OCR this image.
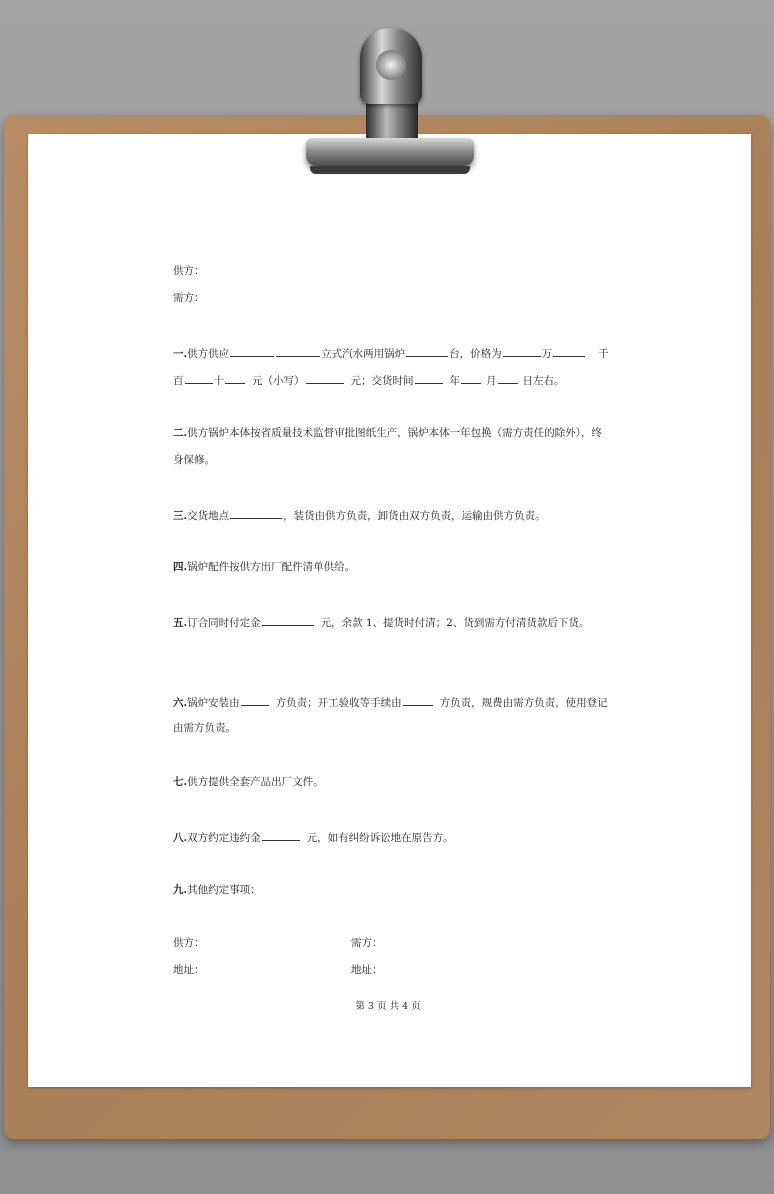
供方：
需方：
一.供方供应	立式汽水两用锅炉	台，价格为	万	千
百	十	元（小写）	元；交货时间	年 月 日左右。
二.供方锅炉本体按省质量技术监督审批图纸生产，锅炉本体一年包换（需方责任的除外），终
身保修。
三.交货地点	，装货由供方负责，卸货由双方负责，运输由供方负责。
四.锅炉配件按供方出厂配件清单供给。
五.订合同时付定金	元，余款 1、提货时付清；2、货到需方付清货款后下货。
六.锅炉安装由	方负责；开工验收等手续由	方负责，规费由需方负责，使用登记
由需方负责。
七.供方提供全套产品出厂文件。
八.双方约定违约金	元，如有纠纷诉讼地在原告方。
九.其他约定事项：
供方：	需方：
地址：	地址：
第 3 页 共 4 页
